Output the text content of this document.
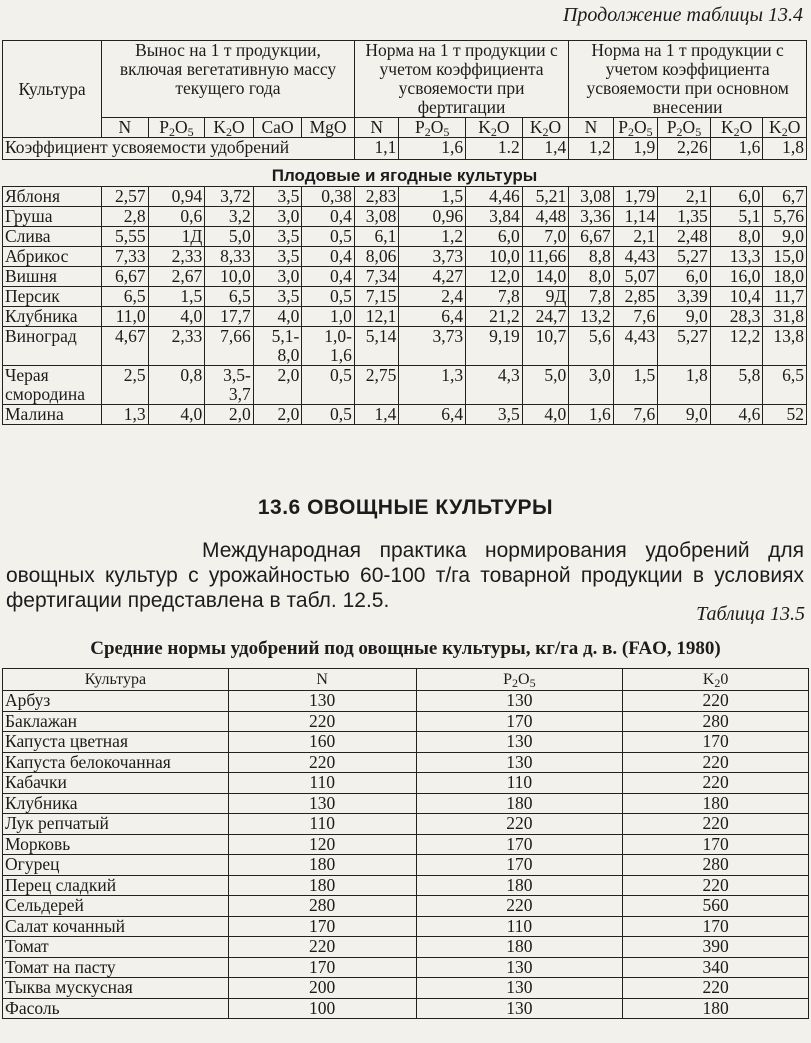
Продолжение таблицы 13.4
Культура	Вынос на 1 т продукции, включая вегетативную массу текущего года					Норма на 1 т продукции с учетом коэффициента усвояемости при фертигации				Норма на 1 т продукции с учетом коэффициента усвояемости при основном внесении				
	N	$P_2O_5$	$K_2O$	CaO	MgO	N	$P_2O_5$	$K_2O$	$K_2O$	N	$P_2O_5$	$P_2O_5$	$K_2O$	$K_2O$
Коэффициент усвояемости удобрений						1,1	1,6	1.2	1,4	1,2	1,9	2,26	1,6	1,8
Плодовые и ягодные культуры														
Яблоня	2,57	0,94	3,72	3,5	0,38	2,83	1,5	4,46	5,21	3,08	1,79	2,1	6,0	6,7
Груша	2,8	0,6	3,2	3,0	0,4	3,08	0,96	3,84	4,48	3,36	1,14	1,35	5,1	5,76
Слива	5,55	1Д	5,0	3,5	0,5	6,1	1,2	6,0	7,0	6,67	2,1	2,48	8,0	9,0
Абрикос	7,33	2,33	8,33	3,5	0,4	8,06	3,73	10,0	11,66	8,8	4,43	5,27	13,3	15,0
Вишня	6,67	2,67	10,0	3,0	0,4	7,34	4,27	12,0	14,0	8,0	5,07	6,0	16,0	18,0
Персик	6,5	1,5	6,5	3,5	0,5	7,15	2,4	7,8	9Д	7,8	2,85	3,39	10,4	11,7
Клубника	11,0	4,0	17,7	4,0	1,0	12,1	6,4	21,2	24,7	13,2	7,6	9,0	28,3	31,8
Виноград	4,67	2,33	7,66	5,1-8,0	1,0-1,6	5,14	3,73	9,19	10,7	5,6	4,43	5,27	12,2	13,8
Черая смородина	2,5	0,8	3,5-3,7	2,0	0,5	2,75	1,3	4,3	5,0	3,0	1,5	1,8	5,8	6,5
Малина	1,3	4,0	2,0	2,0	0,5	1,4	6,4	3,5	4,0	1,6	7,6	9,0	4,6	52
13.6 ОВОЩНЫЕ КУЛЬТУРЫ
Международная практика нормирования удобрений для овощных культур с урожайностью 60-100 т/га товарной продукции в условиях фертигации представлена в табл. 12.5.
Таблица 13.5
Средние нормы удобрений под овощные культуры, кг/га д. в. (FAO, 1980)
Культура	N	$P_2O_5$	$K_20$
Арбуз	130	130	220
Баклажан	220	170	280
Капуста цветная	160	130	170
Капуста белокочанная	220	130	220
Кабачки	110	110	220
Клубника	130	180	180
Лук репчатый	110	220	220
Морковь	120	170	170
Огурец	180	170	280
Перец сладкий	180	180	220
Сельдерей	280	220	560
Салат кочанный	170	110	170
Томат	220	180	390
Томат на пасту	170	130	340
Тыква мускусная	200	130	220
Фасоль	100	130	180
